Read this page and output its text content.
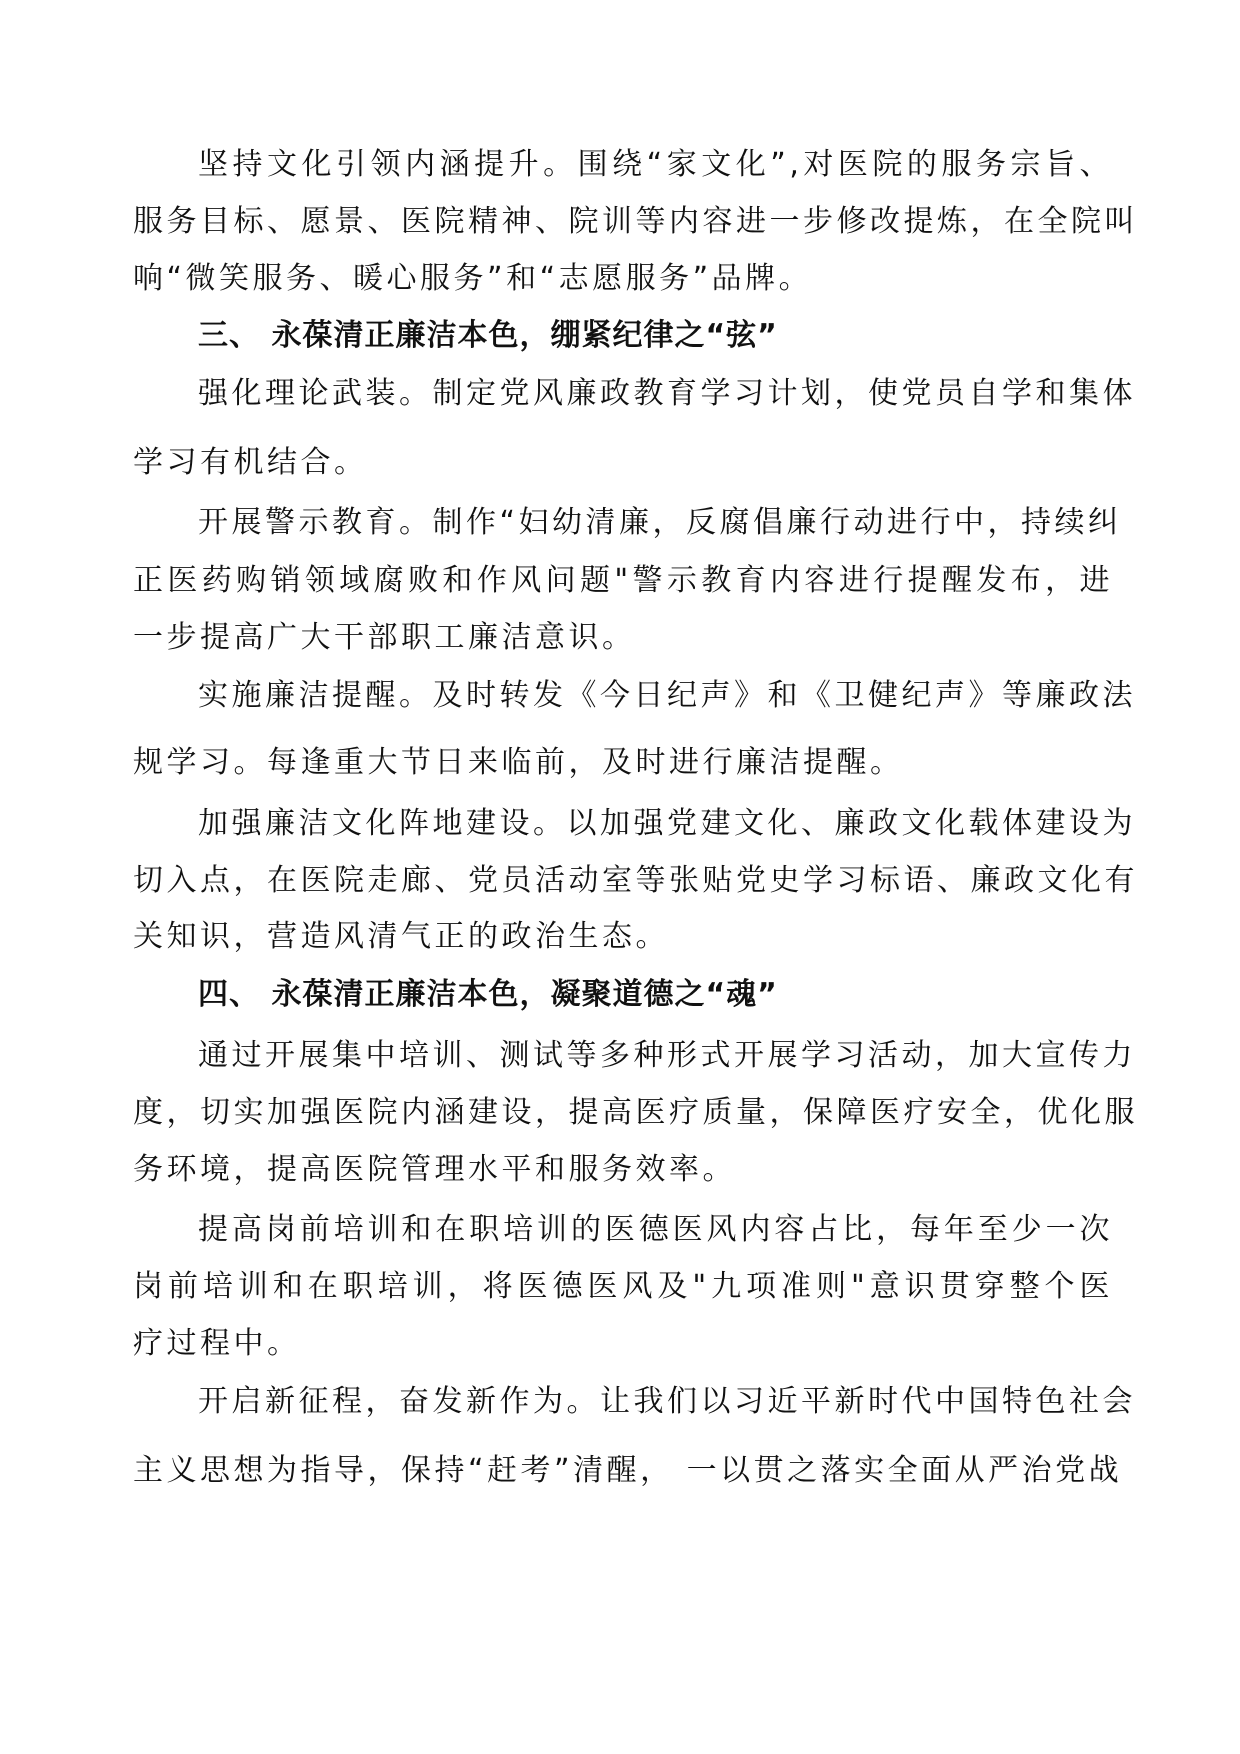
坚持文化引领内涵提升。围绕“家文化”,对医院的服务宗旨、
服务目标、愿景、医院精神、院训等内容进一步修改提炼，在全院叫
响“微笑服务、暖心服务”和“志愿服务”品牌。
三、 永葆清正廉洁本色，绷紧纪律之“弦”
强化理论武装。制定党风廉政教育学习计划，使党员自学和集体
学习有机结合。
开展警示教育。制作“妇幼清廉，反腐倡廉行动进行中，持续纠
正医药购销领域腐败和作风问题"警示教育内容进行提醒发布，进
一步提高广大干部职工廉洁意识。
实施廉洁提醒。及时转发《今日纪声》和《卫健纪声》等廉政法
规学习。每逢重大节日来临前，及时进行廉洁提醒。
加强廉洁文化阵地建设。以加强党建文化、廉政文化载体建设为
切入点，在医院走廊、党员活动室等张贴党史学习标语、廉政文化有
关知识，营造风清气正的政治生态。
四、 永葆清正廉洁本色，凝聚道德之“魂”
通过开展集中培训、测试等多种形式开展学习活动，加大宣传力
度，切实加强医院内涵建设，提高医疗质量，保障医疗安全，优化服
务环境，提高医院管理水平和服务效率。
提高岗前培训和在职培训的医德医风内容占比，每年至少一次
岗前培训和在职培训，将医德医风及"九项准则"意识贯穿整个医
疗过程中。
开启新征程，奋发新作为。让我们以习近平新时代中国特色社会
主义思想为指导，保持“赶考”清醒， 一以贯之落实全面从严治党战
